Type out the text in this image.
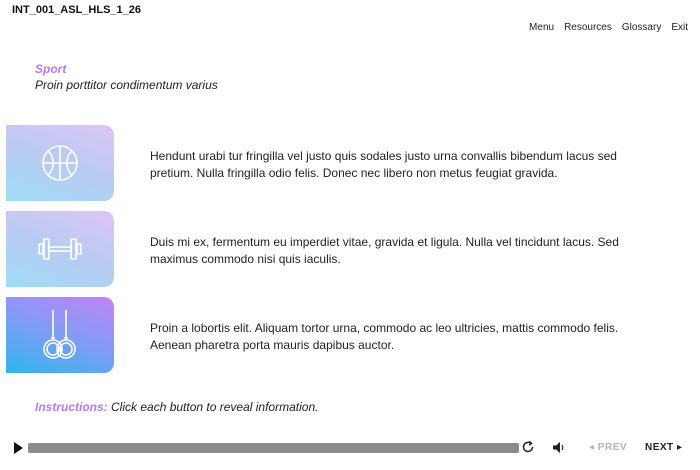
INT_001_ASL_HLS_1_26
Menu Resources Glossary Exit
Sport
Proin porttitor condimentum varius
Hendunt urabi tur fringilla vel justo quis sodales justo urna convallis bibendum lacus sed pretium. Nulla fringilla odio felis. Donec nec libero non metus feugiat gravida.
Duis mi ex, fermentum eu imperdiet vitae, gravida et ligula. Nulla vel tincidunt lacus. Sed maximus commodo nisi quis iaculis.
Proin a lobortis elit. Aliquam tortor urna, commodo ac leo ultricies, mattis commodo felis. Aenean pharetra porta mauris dapibus auctor.
Instructions: Click each button to reveal information.
◂ PREV NEXT ▸
